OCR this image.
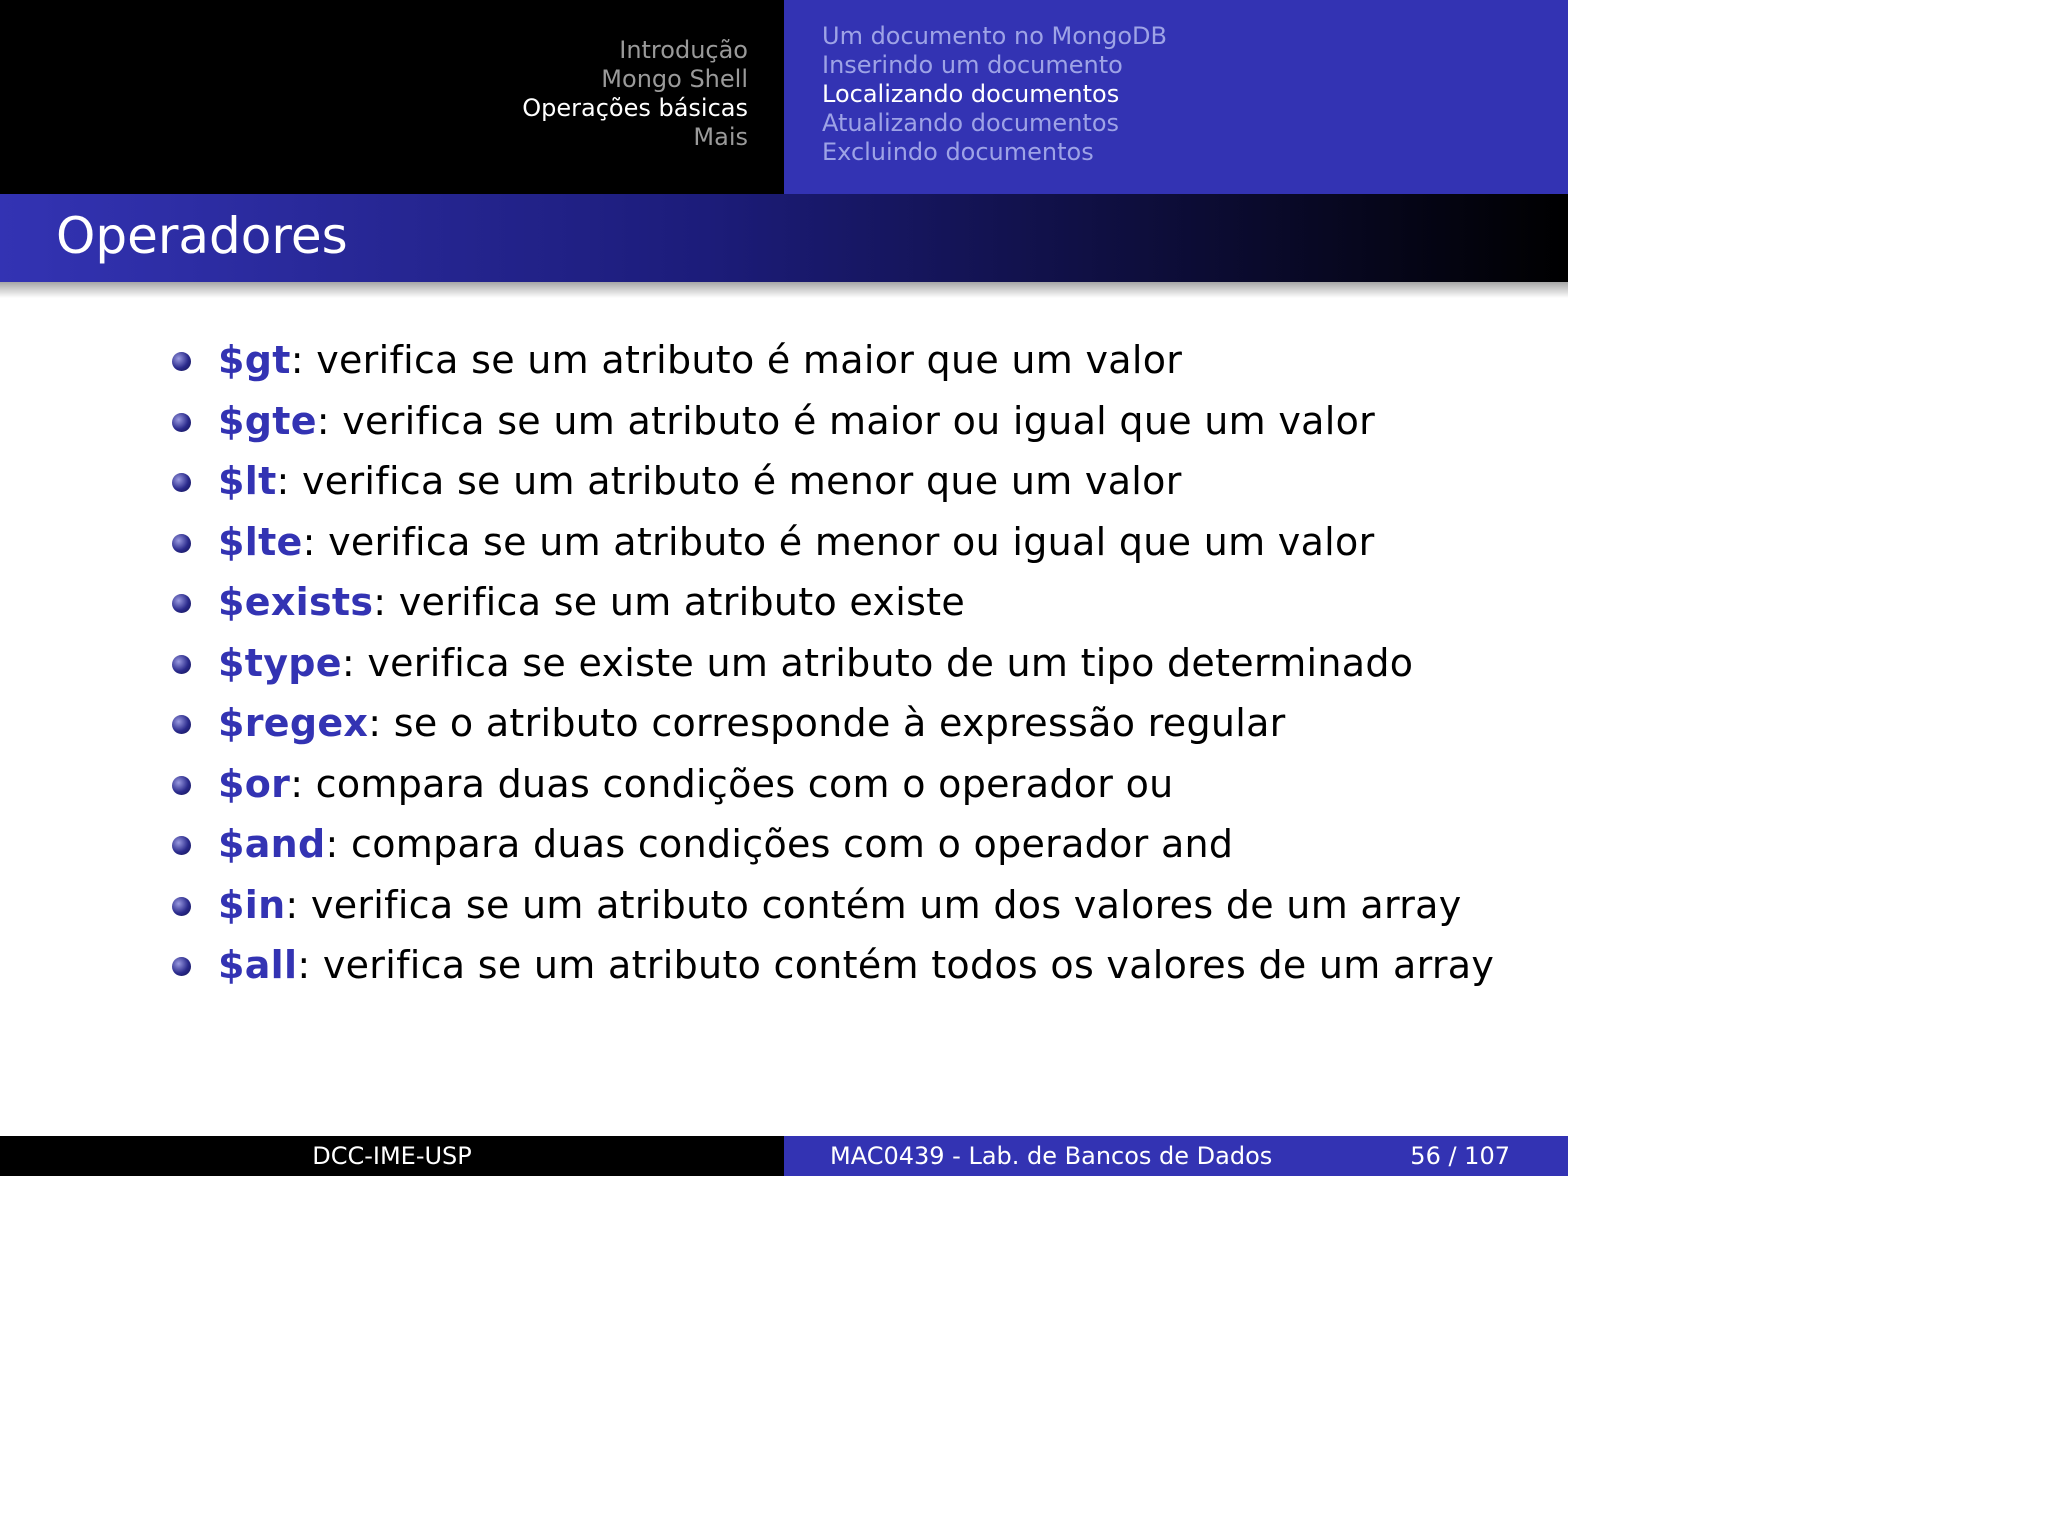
Introdução
Mongo Shell
Operações básicas
Mais
Um documento no MongoDB
Inserindo um documento
Localizando documentos
Atualizando documentos
Excluindo documentos
Operadores
$gt: verifica se um atributo é maior que um valor
$gte: verifica se um atributo é maior ou igual que um valor
$lt: verifica se um atributo é menor que um valor
$lte: verifica se um atributo é menor ou igual que um valor
$exists: verifica se um atributo existe
$type: verifica se existe um atributo de um tipo determinado
$regex: se o atributo corresponde à expressão regular
$or: compara duas condições com o operador ou
$and: compara duas condições com o operador and
$in: verifica se um atributo contém um dos valores de um array
$all: verifica se um atributo contém todos os valores de um array
DCC-IME-USP	MAC0439 - Lab. de Bancos de Dados	56 / 107
